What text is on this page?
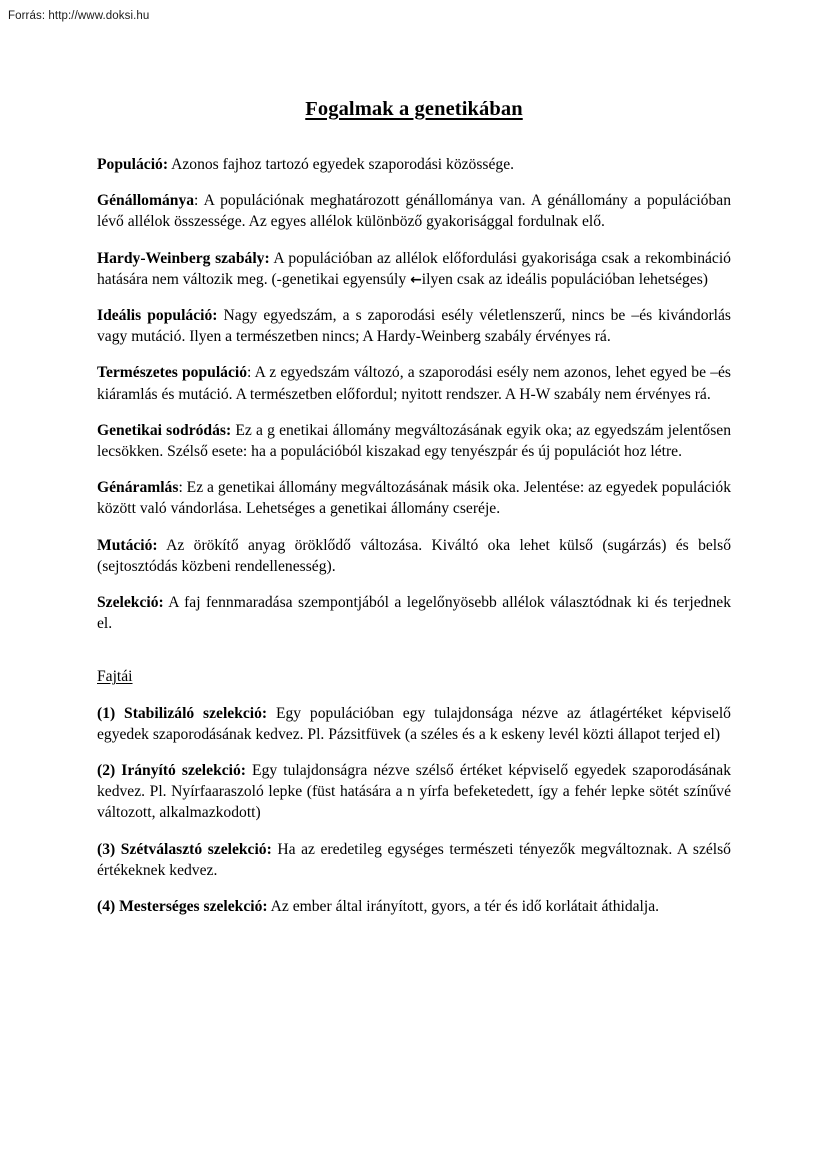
Forrás: http://www.doksi.hu
Fogalmak a genetikában

Populáció: Azonos fajhoz tartozó egyedek szaporodási közössége.

Génállománya: A populációnak meghatározott génállománya van. A génállomány a populációban lévő allélok összessége. Az egyes allélok különböző gyakorisággal fordulnak elő.

Hardy-Weinberg szabály: A populációban az allélok előfordulási gyakorisága csak a rekombináció hatására nem változik meg. (-genetikai egyensúly ←ilyen csak az ideális populációban lehetséges)

Ideális populáció: Nagy egyedszám, a s zaporodási esély véletlenszerű, nincs be –és kivándorlás vagy mutáció. Ilyen a természetben nincs; A Hardy-Weinberg szabály érvényes rá.

Természetes populáció: A z egyedszám változó, a szaporodási esély nem azonos, lehet egyed be –és kiáramlás és mutáció. A természetben előfordul; nyitott rendszer. A H-W szabály nem érvényes rá.

Genetikai sodródás: Ez a g enetikai állomány megváltozásának egyik oka; az egyedszám jelentősen lecsökken. Szélső esete: ha a populációból kiszakad egy tenyészpár és új populációt hoz létre.

Génáramlás: Ez a genetikai állomány megváltozásának másik oka. Jelentése: az egyedek populációk között való vándorlása. Lehetséges a genetikai állomány cseréje.

Mutáció: Az örökítő anyag öröklődő változása. Kiváltó oka lehet külső (sugárzás) és belső (sejtosztódás közbeni rendellenesség).

Szelekció: A faj fennmaradása szempontjából a legelőnyösebb allélok választódnak ki és terjednek el.

Fajtái

(1) Stabilizáló szelekció: Egy populációban egy tulajdonsága nézve az átlagértéket képviselő egyedek szaporodásának kedvez. Pl. Pázsitfüvek (a széles és a k eskeny levél közti állapot terjed el)

(2) Irányító szelekció: Egy tulajdonságra nézve szélső értéket képviselő egyedek szaporodásának kedvez. Pl. Nyírfaaraszoló lepke (füst hatására a n yírfa befeketedett, így a fehér lepke sötét színűvé változott, alkalmazkodott)

(3) Szétválasztó szelekció: Ha az eredetileg egységes természeti tényezők megváltoznak. A szélső értékeknek kedvez.

(4) Mesterséges szelekció: Az ember által irányított, gyors, a tér és idő korlátait áthidalja.
